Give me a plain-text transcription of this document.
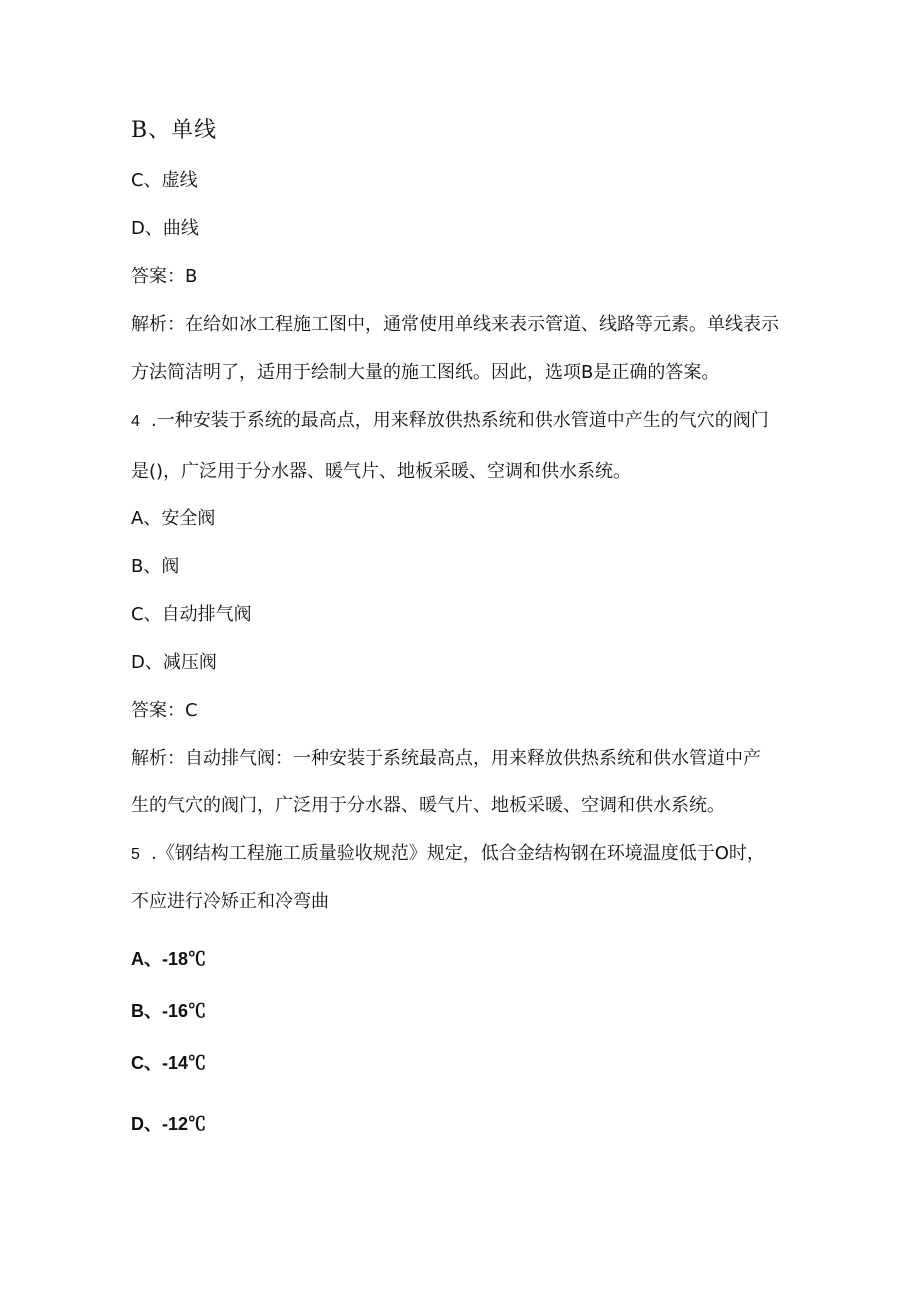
B、单线
C、虚线
D、曲线
答案：B
解析：在给如冰工程施工图中，通常使用单线来表示管道、线路等元素。单线表示
方法简洁明了，适用于绘制大量的施工图纸。因此，选项B是正确的答案。
4 .一种安装于系统的最高点，用来释放供热系统和供水管道中产生的气穴的阀门
是()，广泛用于分水器、暖气片、地板采暖、空调和供水系统。
A、安全阀
B、阀
C、自动排气阀
D、减压阀
答案：C
解析：自动排气阀：一种安装于系统最高点，用来释放供热系统和供水管道中产
生的气穴的阀门，广泛用于分水器、暖气片、地板采暖、空调和供水系统。
5 .《钢结构工程施工质量验收规范》规定，低合金结构钢在环境温度低于O时，
不应进行冷矫正和冷弯曲
A、-18℃
B、-16℃
C、-14℃
D、-12℃
